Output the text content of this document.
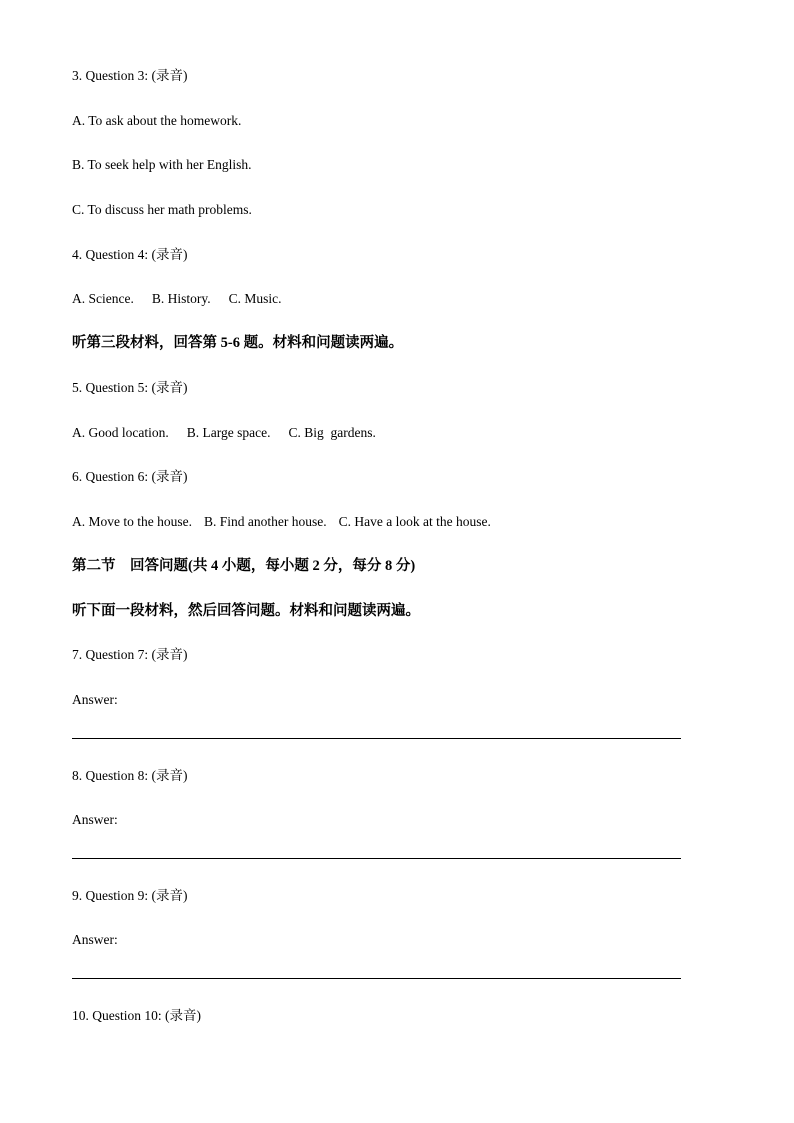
3. Question 3: (录音)

A. To ask about the homework.

B. To seek help with her English.

C. To discuss her math problems.

4. Question 4: (录音)

A. Science. B. History. C. Music.

听第三段材料，回答第 5-6 题。材料和问题读两遍。

5. Question 5: (录音)

A. Good location. B. Large space. C. Big  gardens.

6. Question 6: (录音)

A. Move to the house. B. Find another house. C. Have a look at the house.

第二节　回答问题(共 4 小题，每小题 2 分，每分 8 分)

听下面一段材料，然后回答问题。材料和问题读两遍。

7. Question 7: (录音)

Answer:

8. Question 8: (录音)

Answer:

9. Question 9: (录音)

Answer:

10. Question 10: (录音)
